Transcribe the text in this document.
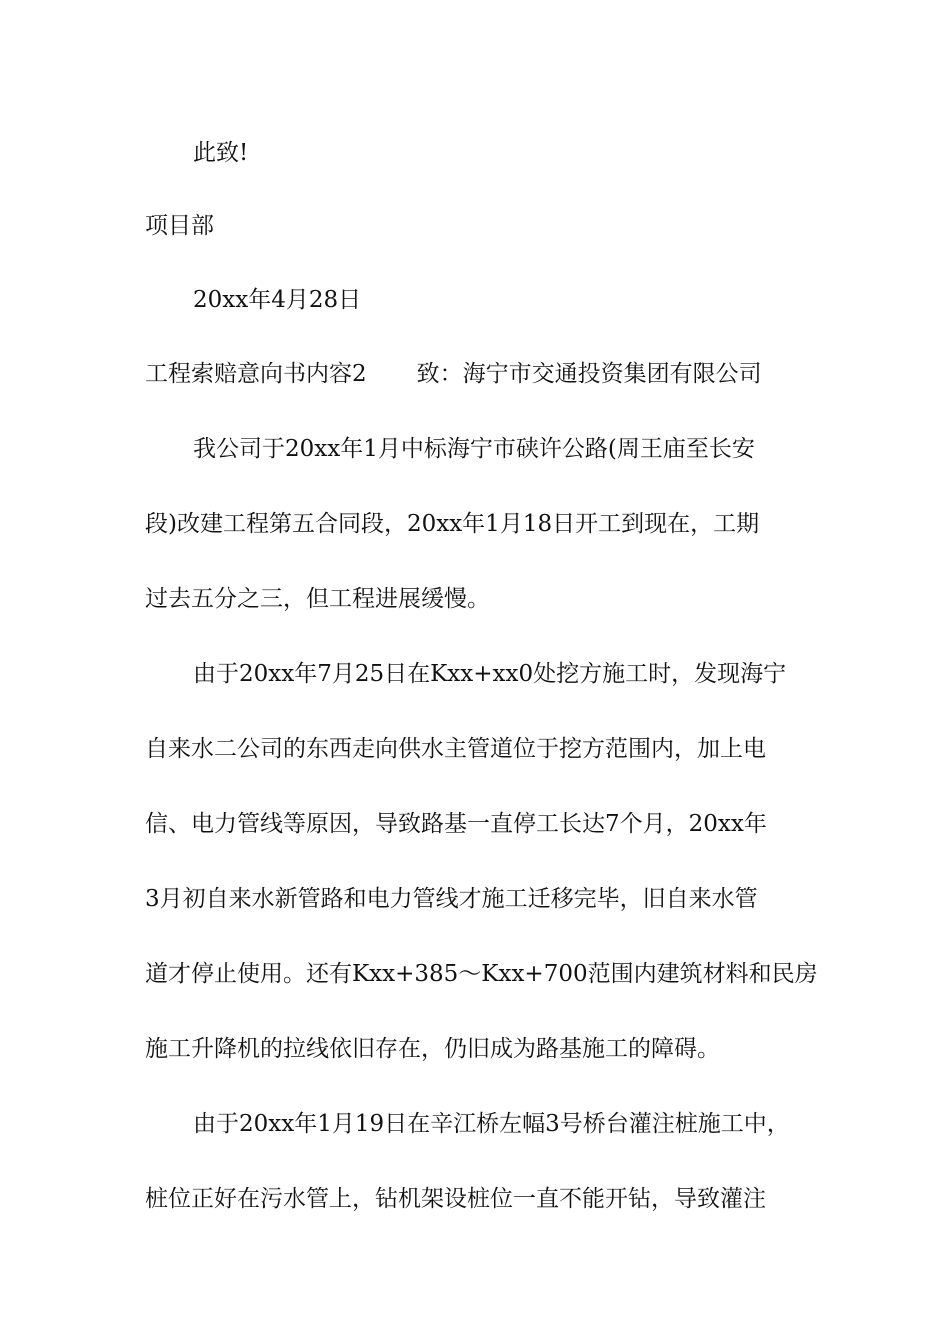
此致!
项目部
20xx年4月28日
工程索赔意向书内容2 致：海宁市交通投资集团有限公司
我公司于20xx年1月中标海宁市硖许公路(周王庙至长安
段)改建工程第五合同段，20xx年1月18日开工到现在，工期
过去五分之三，但工程进展缓慢。
由于20xx年7月25日在Kxx+xx0处挖方施工时，发现海宁
自来水二公司的东西走向供水主管道位于挖方范围内，加上电
信、电力管线等原因，导致路基一直停工长达7个月，20xx年
3月初自来水新管路和电力管线才施工迁移完毕，旧自来水管
道才停止使用。还有Kxx+385～Kxx+700范围内建筑材料和民房
施工升降机的拉线依旧存在，仍旧成为路基施工的障碍。
由于20xx年1月19日在辛江桥左幅3号桥台灌注桩施工中，
桩位正好在污水管上，钻机架设桩位一直不能开钻，导致灌注
